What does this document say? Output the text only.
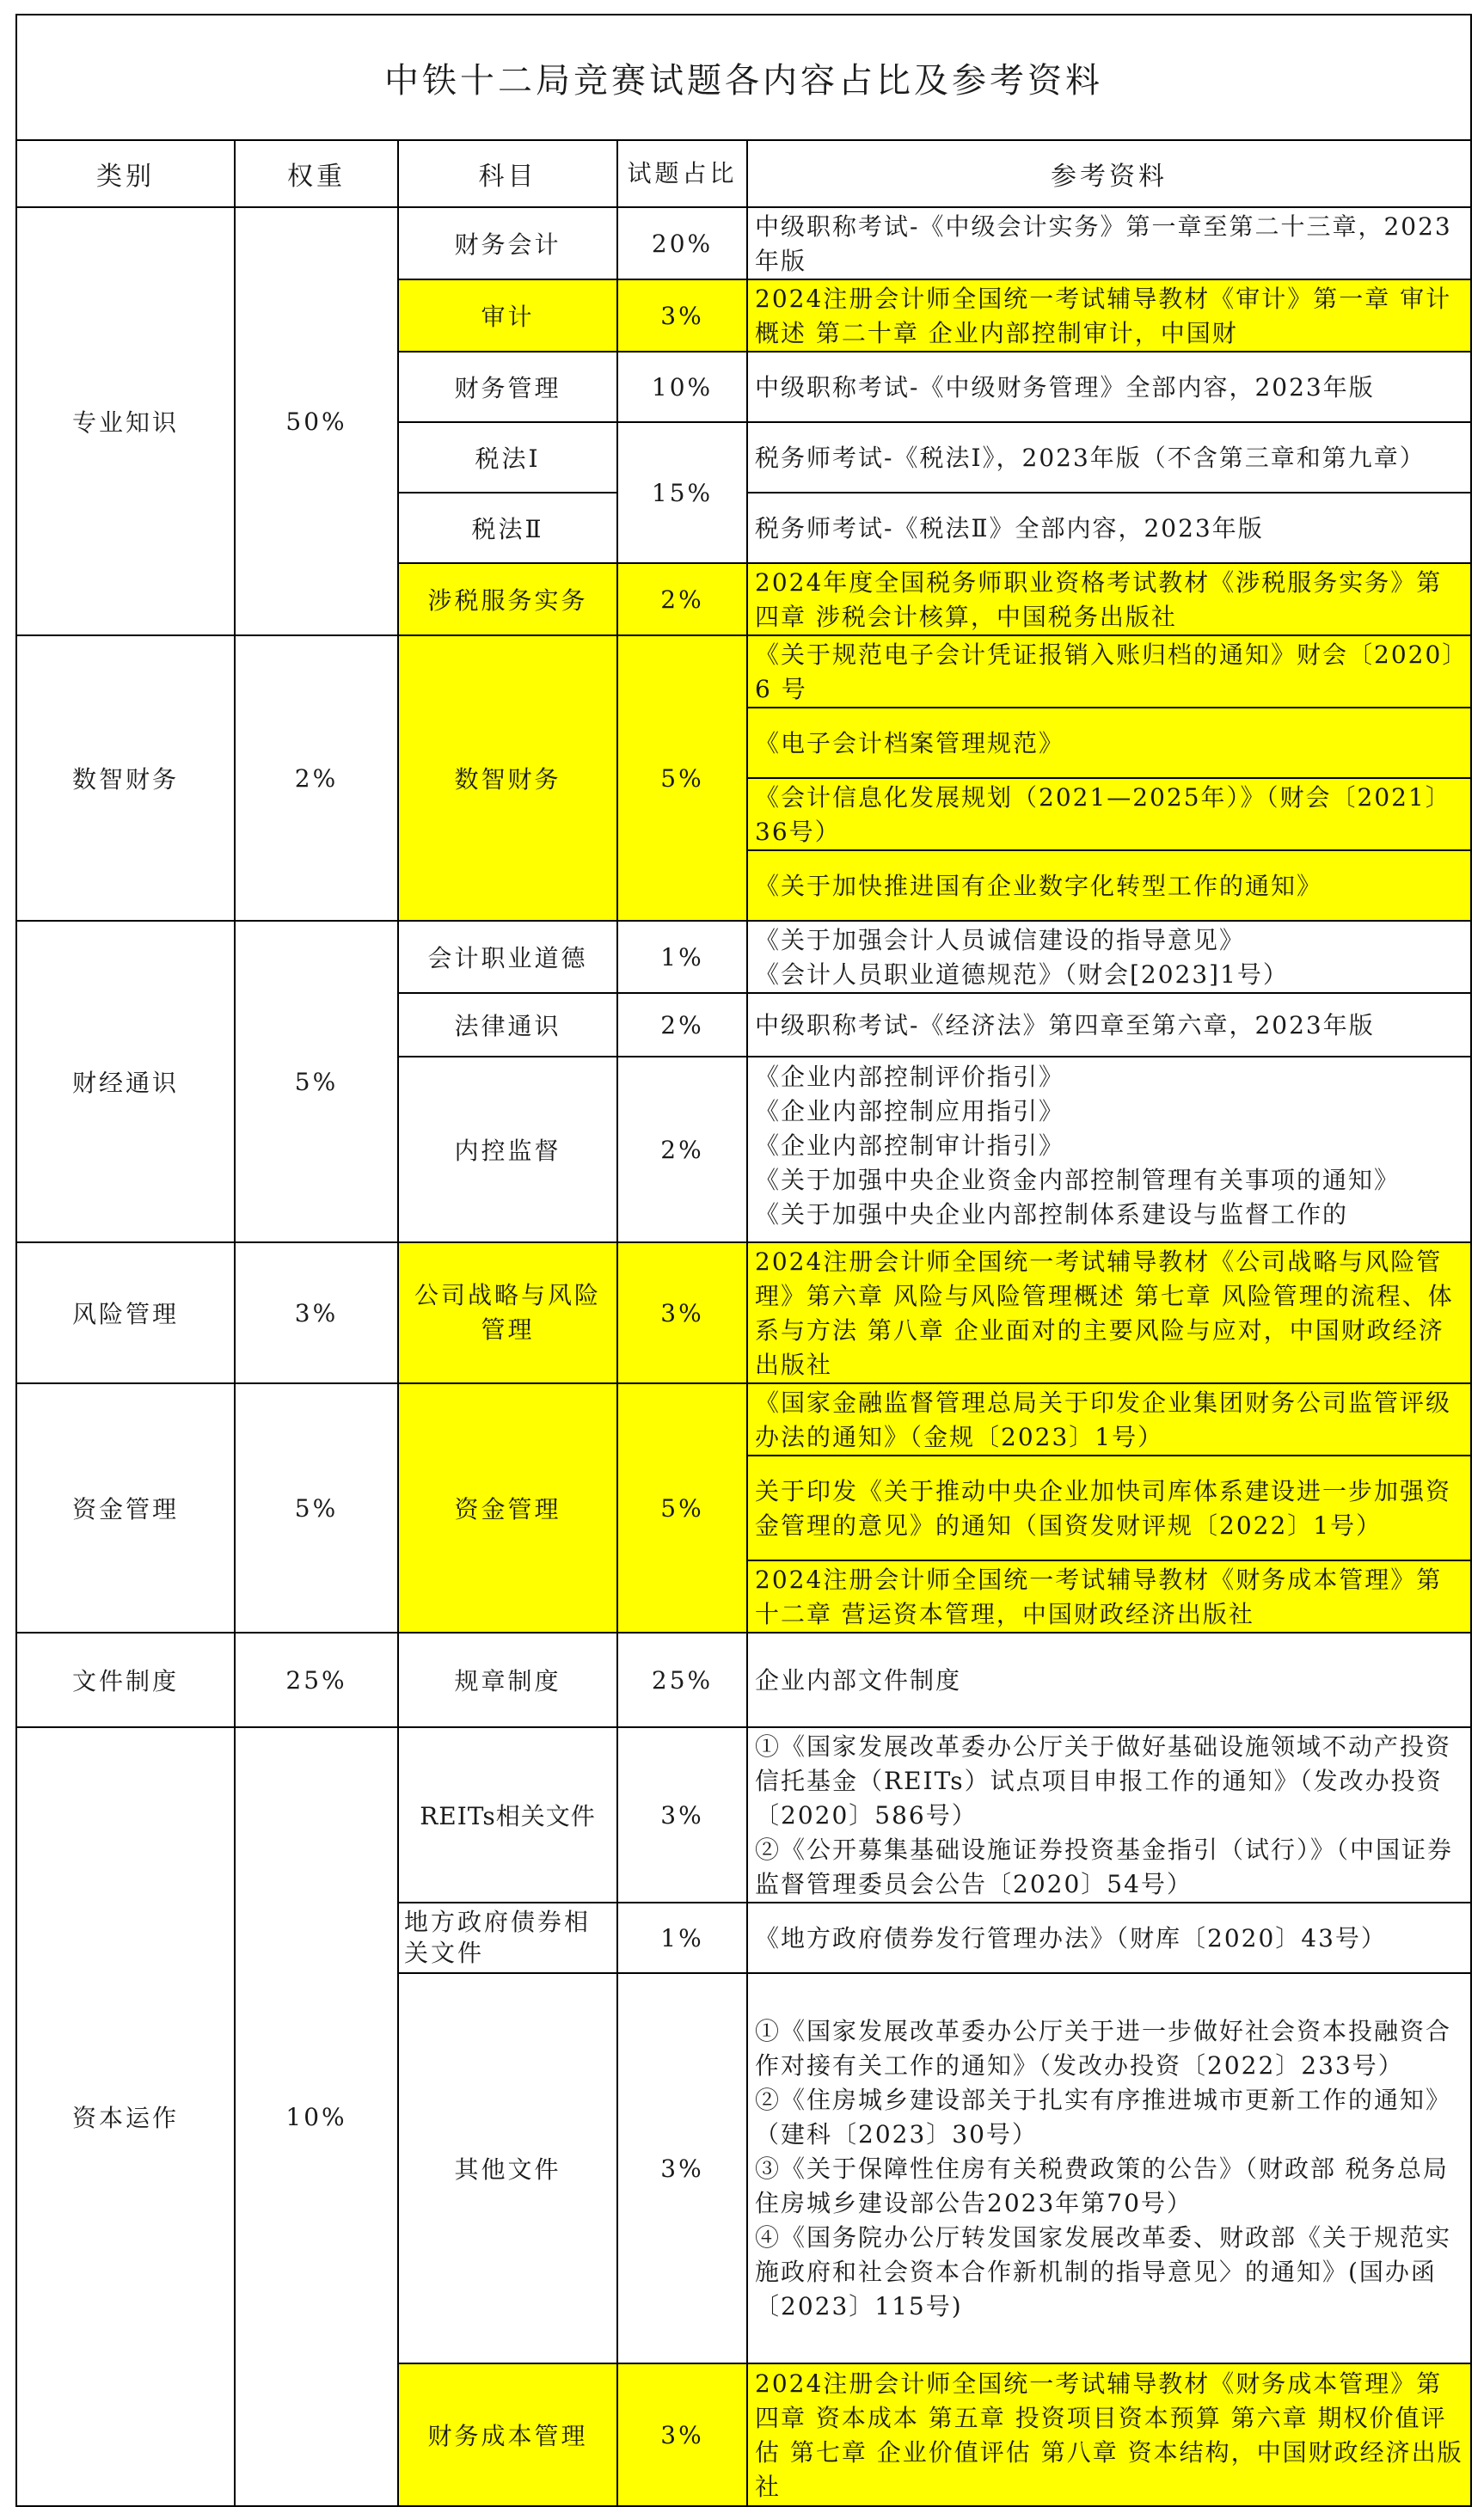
中铁十二局竞赛试题各内容占比及参考资料				
类别	权重	科目	试题占比	参考资料
专业知识	50%	财务会计	20%	中级职称考试-《中级会计实务》第一章至第二十三章，2023年版
		审计	3%	2024注册会计师全国统一考试辅导教材《审计》第一章 审计概述 第二十章 企业内部控制审计，中国财

		财务管理	10%	中级职称考试-《中级财务管理》全部内容，2023年版
		税法Ⅰ	15%	税务师考试-《税法Ⅰ》，2023年版（不含第三章和第九章）
		税法Ⅱ		税务师考试-《税法Ⅱ》全部内容，2023年版
		涉税服务实务	2%	2024年度全国税务师职业资格考试教材《涉税服务实务》第四章 涉税会计核算，中国税务出版社
数智财务	2%	数智财务	5%	《关于规范电子会计凭证报销入账归档的通知》财会〔2020〕6 号
				《电子会计档案管理规范》
				《会计信息化发展规划（2021—2025年）》（财会〔2021〕36号）
				《关于加快推进国有企业数字化转型工作的通知》
财经通识	5%	会计职业道德	1%	《关于加强会计人员诚信建设的指导意见》
《会计人员职业道德规范》（财会[2023]1号）
		法律通识	2%	中级职称考试-《经济法》第四章至第六章，2023年版
		内控监督	2%	《企业内部控制评价指引》
《企业内部控制应用指引》
《企业内部控制审计指引》
《关于加强中央企业资金内部控制管理有关事项的通知》
《关于加强中央企业内部控制体系建设与监督工作的

风险管理	3%	公司战略与风险管理	3%	2024注册会计师全国统一考试辅导教材《公司战略与风险管理》第六章 风险与风险管理概述 第七章 风险管理的流程、体系与方法 第八章 企业面对的主要风险与应对，中国财政经济出版社
资金管理	5%	资金管理	5%	《国家金融监督管理总局关于印发企业集团财务公司监管评级办法的通知》（金规〔2023〕1号）
				关于印发《关于推动中央企业加快司库体系建设进一步加强资金管理的意见》的通知（国资发财评规〔2022〕1号）

				2024注册会计师全国统一考试辅导教材《财务成本管理》第十二章 营运资本管理，中国财政经济出版社

文件制度	25%	规章制度	25%	企业内部文件制度
资本运作	10%	REITs相关文件	3%	①《国家发展改革委办公厅关于做好基础设施领域不动产投资信托基金（REITs）试点项目申报工作的通知》（发改办投资〔2020〕586号）
②《公开募集基础设施证券投资基金指引（试行）》（中国证券监督管理委员会公告〔2020〕54号）
		地方政府债券相关文件	1%	《地方政府债券发行管理办法》（财库〔2020〕43号）
		其他文件	3%	①《国家发展改革委办公厅关于进一步做好社会资本投融资合作对接有关工作的通知》（发改办投资〔2022〕233号）
②《住房城乡建设部关于扎实有序推进城市更新工作的通知》（建科〔2023〕30号）
③《关于保障性住房有关税费政策的公告》（财政部 税务总局 住房城乡建设部公告2023年第70号）
④《国务院办公厅转发国家发展改革委、财政部《关于规范实施政府和社会资本合作新机制的指导意见〉的通知》(国办函〔2023〕115号)
		财务成本管理	3%	2024注册会计师全国统一考试辅导教材《财务成本管理》第四章 资本成本 第五章 投资项目资本预算 第六章 期权价值评估 第七章 企业价值评估 第八章 资本结构，中国财政经济出版社
